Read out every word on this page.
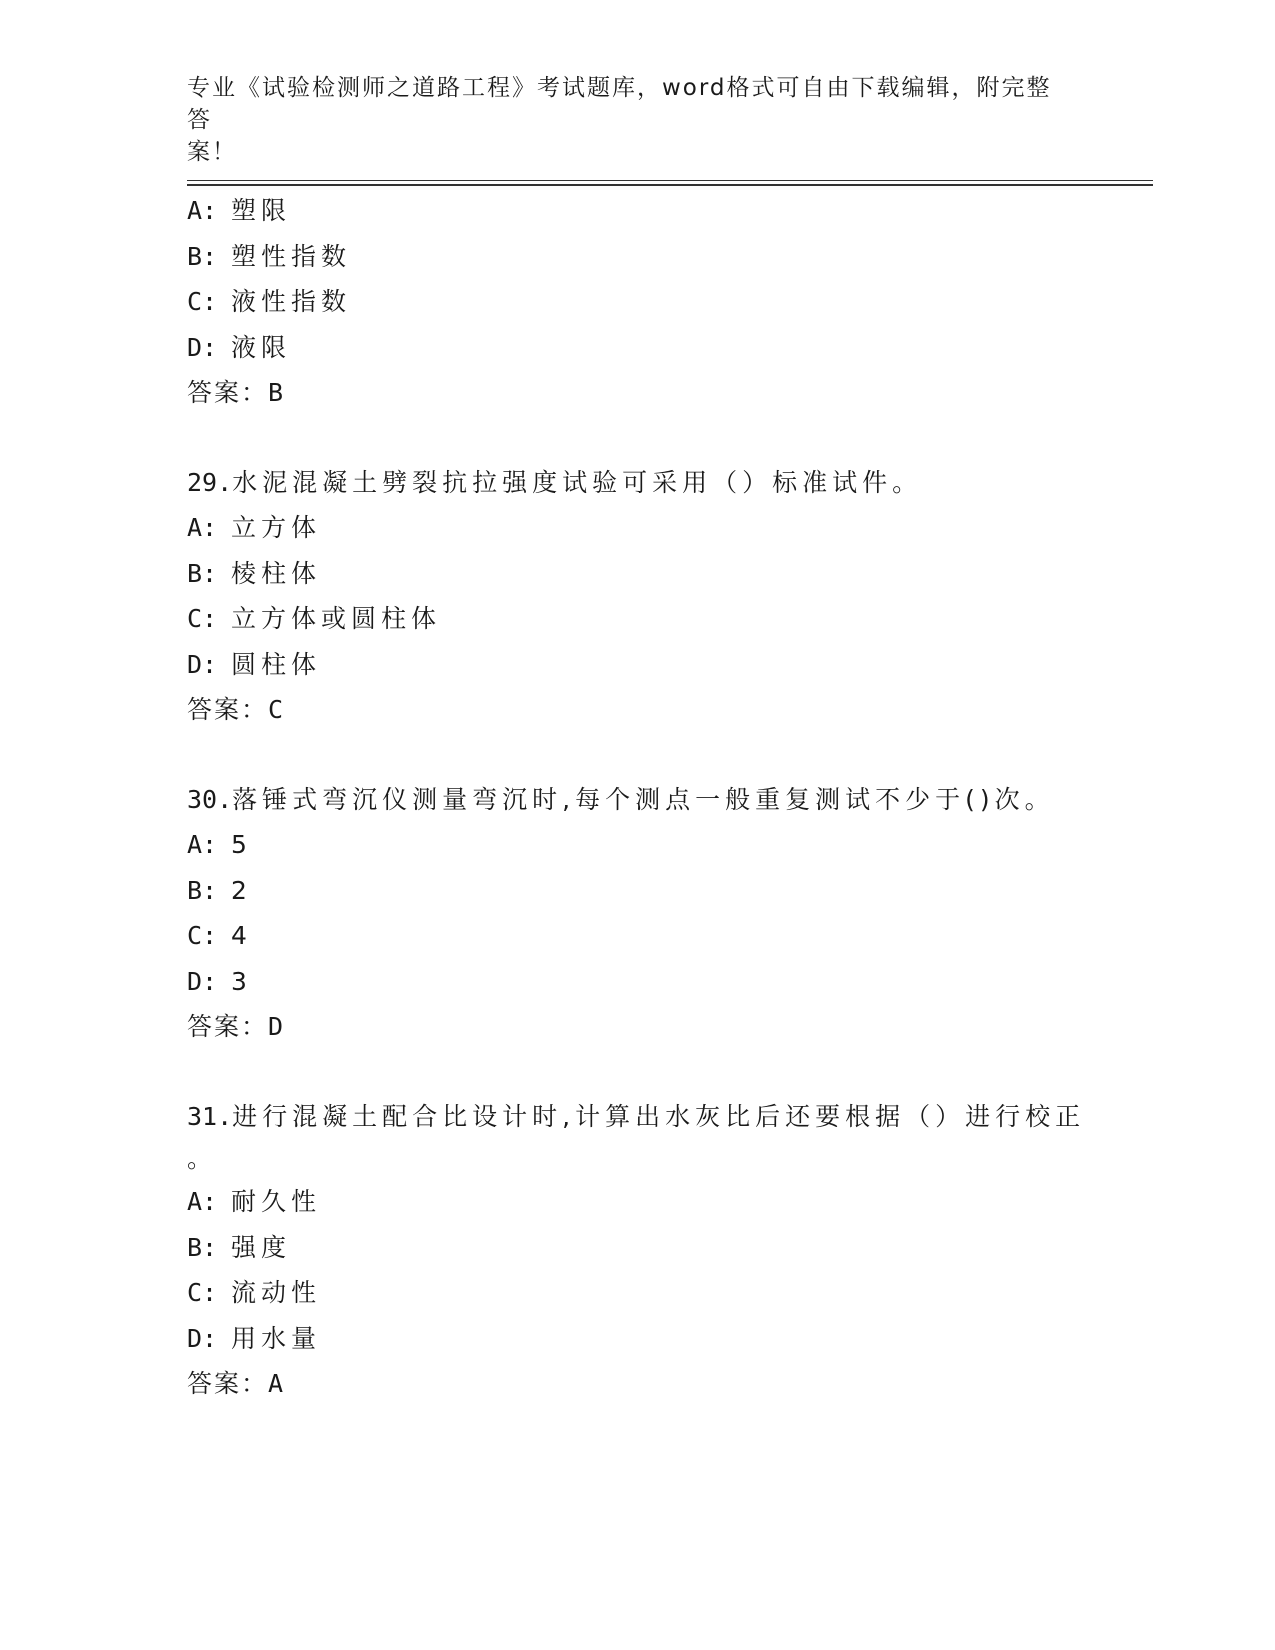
专业《试验检测师之道路工程》考试题库，word格式可自由下载编辑，附完整答
案！
A: 塑限
B: 塑性指数
C: 液性指数
D: 液限
答案：B
29.水泥混凝土劈裂抗拉强度试验可采用（）标准试件。
A: 立方体
B: 棱柱体
C: 立方体或圆柱体
D: 圆柱体
答案：C
30.落锤式弯沉仪测量弯沉时,每个测点一般重复测试不少于()次。
A: 5
B: 2
C: 4
D: 3
答案：D
31.进行混凝土配合比设计时,计算出水灰比后还要根据（）进行校正
。
A: 耐久性
B: 强度
C: 流动性
D: 用水量
答案：A
